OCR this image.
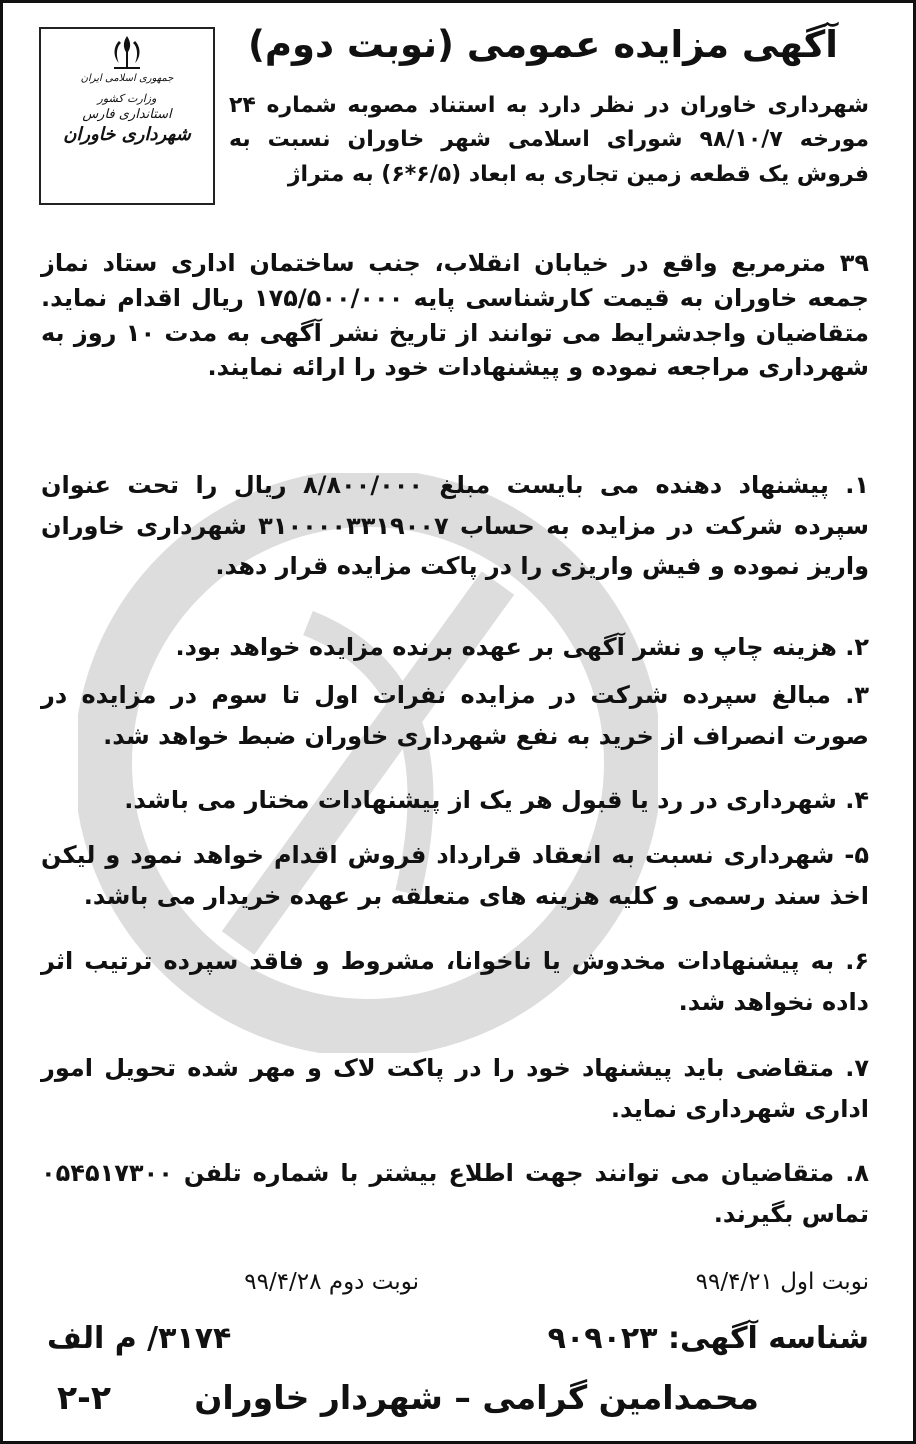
جمهوری اسلامی ایران
وزارت کشور
استانداری فارس
شهرداری خاوران
آگهی مزایده عمومی (نوبت دوم)
شهرداری خاوران در نظر دارد به استناد مصوبه شماره ۲۴ مورخه ۹۸/۱۰/۷ شورای اسلامی شهر خاوران نسبت به فروش یک قطعه زمین تجاری به ابعاد (۶/۵*۶) به متراژ
۳۹ مترمربع واقع در خیابان انقلاب، جنب ساختمان اداری ستاد نماز جمعه خاوران به قیمت کارشناسی پایه ۱۷۵/۵۰۰/۰۰۰ ریال اقدام نماید. متقاضیان واجدشرایط می توانند از تاریخ نشر آگهی به مدت ۱۰ روز به شهرداری مراجعه نموده و پیشنهادات خود را ارائه نمایند.
۱. پیشنهاد دهنده می بایست مبلغ ۸/۸۰۰/۰۰۰ ریال را تحت عنوان سپرده شرکت در مزایده به حساب ۳۱۰۰۰۰۳۳۱۹۰۰۷ شهرداری خاوران واریز نموده و فیش واریزی را در پاکت مزایده قرار دهد.
۲. هزینه چاپ و نشر آگهی بر عهده برنده مزایده خواهد بود.
۳. مبالغ سپرده شرکت در مزایده نفرات اول تا سوم در مزایده در صورت انصراف از خرید به نفع شهرداری خاوران ضبط خواهد شد.
۴. شهرداری در رد یا قبول هر یک از پیشنهادات مختار می باشد.
۵- شهرداری نسبت به انعقاد قرارداد فروش اقدام خواهد نمود و لیکن اخذ سند رسمی و کلیه هزینه های متعلقه بر عهده خریدار می باشد.
۶. به پیشنهادات مخدوش یا ناخوانا، مشروط و فاقد سپرده ترتیب اثر داده نخواهد شد.
۷. متقاضی باید پیشنهاد خود را در پاکت لاک و مهر شده تحویل امور اداری شهرداری نماید.
۸. متقاضیان می توانند جهت اطلاع بیشتر با شماره تلفن ۰۵۴۵۱۷۳۰۰ تماس بگیرند.
نوبت اول ۹۹/۴/۲۱
نوبت دوم ۹۹/۴/۲۸
شناسه آگهی: ۹۰۹۰۲۳
۳۱۷۴/ م الف
محمدامین گرامی – شهردار خاوران
۲-۲
